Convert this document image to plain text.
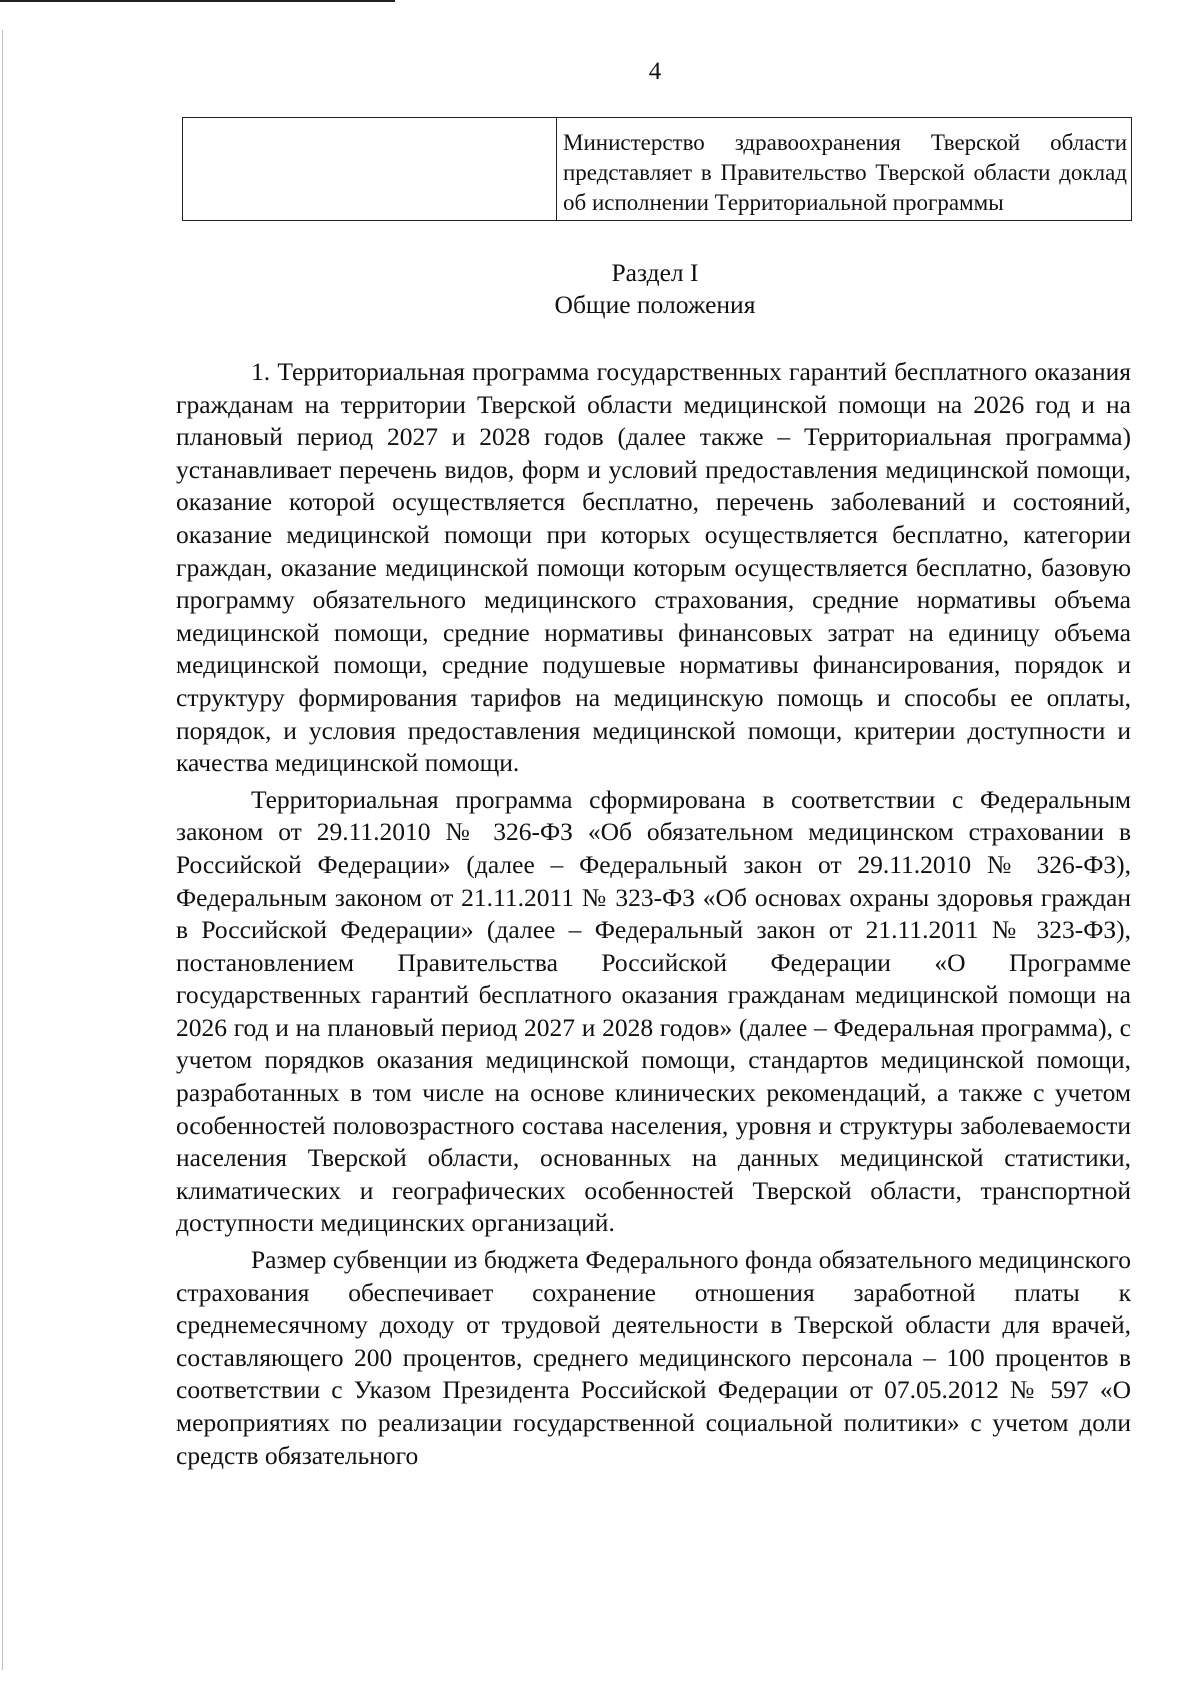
4
	Министерство здравоохранения Тверской области представляет в Правительство Тверской области доклад об исполнении Территориальной программы
Раздел I
Общие положения

1. Территориальная программа государственных гарантий бесплатного оказания гражданам на территории Тверской области медицинской помощи на 2026 год и на плановый период 2027 и 2028 годов (далее также – Территориальная программа) устанавливает перечень видов, форм и условий предоставления медицинской помощи, оказание которой осуществляется бесплатно, перечень заболеваний и состояний, оказание медицинской помощи при которых осуществляется бесплатно, категории граждан, оказание медицинской помощи которым осуществляется бесплатно, базовую программу обязательного медицинского страхования, средние нормативы объема медицинской помощи, средние нормативы финансовых затрат на единицу объема медицинской помощи, средние подушевые нормативы финансирования, порядок и структуру формирования тарифов на медицинскую помощь и способы ее оплаты, порядок, и условия предоставления медицинской помощи, критерии доступности и качества медицинской помощи.

Территориальная программа сформирована в соответствии с Федеральным законом от 29.11.2010 № 326-ФЗ «Об обязательном медицинском страховании в Российской Федерации» (далее – Федеральный закон от 29.11.2010 № 326-ФЗ), Федеральным законом от 21.11.2011 № 323-ФЗ «Об основах охраны здоровья граждан в Российской Федерации» (далее – Федеральный закон от 21.11.2011 № 323-ФЗ), постановлением Правительства Российской Федерации «О Программе государственных гарантий бесплатного оказания гражданам медицинской помощи на 2026 год и на плановый период 2027 и 2028 годов» (далее – Федеральная программа), с учетом порядков оказания медицинской помощи, стандартов медицинской помощи, разработанных в том числе на основе клинических рекомендаций, а также с учетом особенностей половозрастного состава населения, уровня и структуры заболеваемости населения Тверской области, основанных на данных медицинской статистики, климатических и географических особенностей Тверской области, транспортной доступности медицинских организаций.

Размер субвенции из бюджета Федерального фонда обязательного медицинского страхования обеспечивает сохранение отношения заработной платы к среднемесячному доходу от трудовой деятельности в Тверской области для врачей, составляющего 200 процентов, среднего медицинского персонала – 100 процентов в соответствии с Указом Президента Российской Федерации от 07.05.2012 № 597 «О мероприятиях по реализации государственной социальной политики» с учетом доли средств обязательного
